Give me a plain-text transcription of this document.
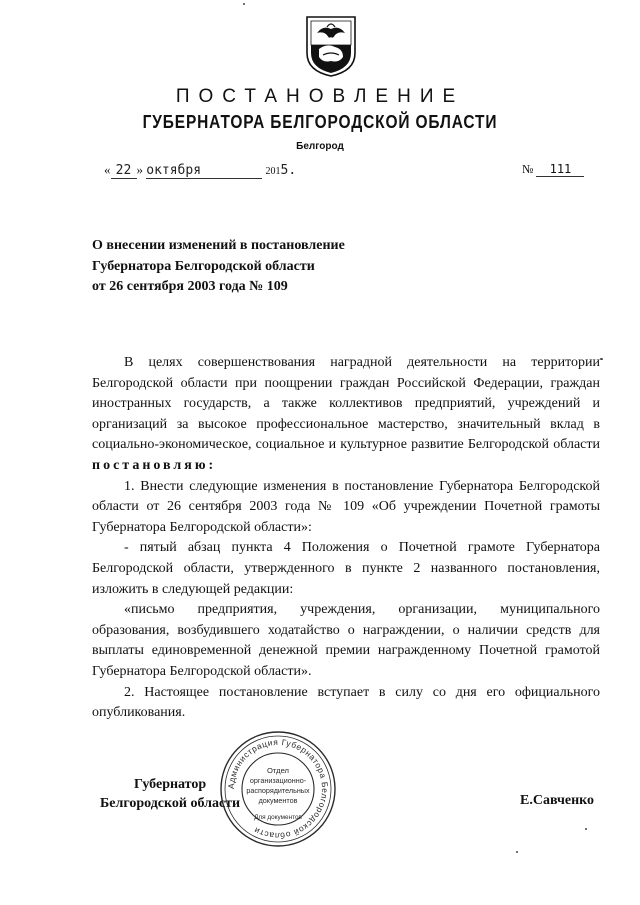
ПОСТАНОВЛЕНИЕ
ГУБЕРНАТОРА БЕЛГОРОДСКОЙ ОБЛАСТИ
Белгород
« 22 » октября	2015.	№ 111
О внесении изменений в постановление
Губернатора Белгородской области
от 26 сентября 2003 года № 109

В целях совершенствования наградной деятельности на территории Белгородской области при поощрении граждан Российской Федерации, граждан иностранных государств, а также коллективов предприятий, учреждений и организаций за высокое профессиональное мастерство, значительный вклад в социально-экономическое, социальное и культурное развитие Белгородской области постановляю:

1. Внести следующие изменения в постановление Губернатора Белгородской области от 26 сентября 2003 года № 109 «Об учреждении Почетной грамоты Губернатора Белгородской области»:

- пятый абзац пункта 4 Положения о Почетной грамоте Губернатора Белгородской области, утвержденного в пункте 2 названного постановления, изложить в следующей редакции:

«письмо предприятия, учреждения, организации, муниципального образования, возбудившего ходатайство о награждении, о наличии средств для выплаты единовременной денежной премии награжденному Почетной грамотой Губернатора Белгородской области».

2. Настоящее постановление вступает в силу со дня его официального опубликования.

Губернатор
Белгородской области	Е.Савченко
Администрация Губернатора Белгородской области
Отдел
организационно-
распорядительных
документов
Для документов
